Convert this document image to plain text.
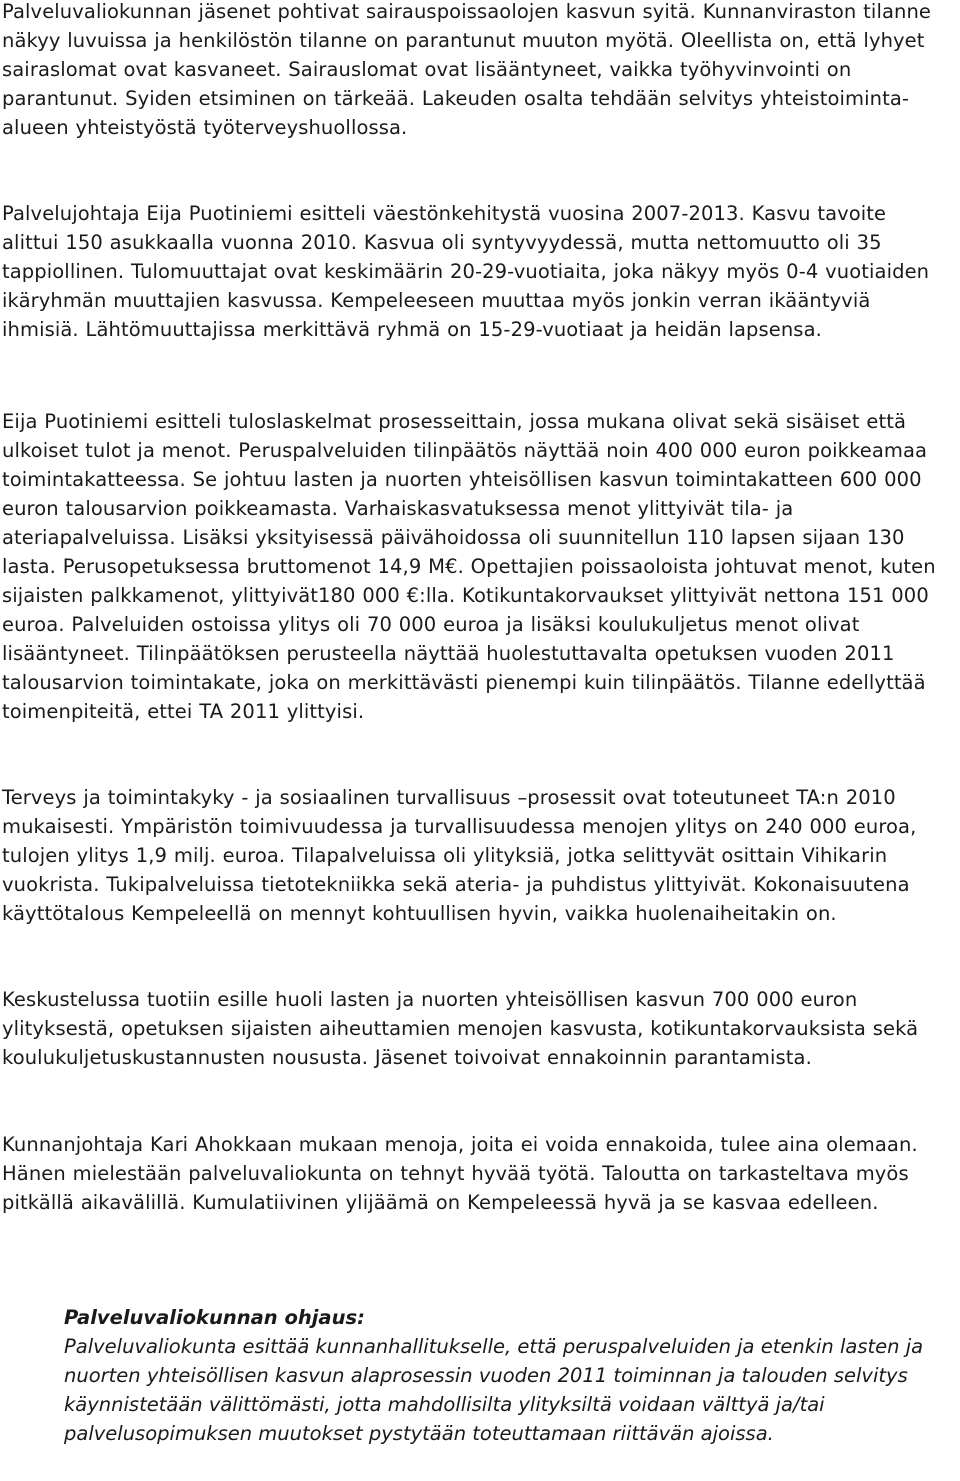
Palveluvaliokunnan jäsenet pohtivat sairauspoissaolojen kasvun syitä. Kunnanviraston tilanne näkyy luvuissa ja henkilöstön tilanne on parantunut muuton myötä. Oleellista on, että lyhyet sairaslomat ovat kasvaneet. Sairauslomat ovat lisääntyneet, vaikka työhyvinvointi on parantunut. Syiden etsiminen on tärkeää. Lakeuden osalta tehdään selvitys yhteistoiminta-alueen yhteistyöstä työterveyshuollossa.

Palvelujohtaja Eija Puotiniemi esitteli väestönkehitystä vuosina 2007-2013. Kasvu tavoite alittui 150 asukkaalla vuonna 2010. Kasvua oli syntyvyydessä, mutta nettomuutto oli 35 tappiollinen. Tulomuuttajat ovat keskimäärin 20-29-vuotiaita, joka näkyy myös 0-4 vuotiaiden ikäryhmän muuttajien kasvussa. Kempeleeseen muuttaa myös jonkin verran ikääntyviä ihmisiä. Lähtömuuttajissa merkittävä ryhmä on 15-29-vuotiaat ja heidän lapsensa.

Eija Puotiniemi esitteli tuloslaskelmat prosesseittain, jossa mukana olivat sekä sisäiset että ulkoiset tulot ja menot. Peruspalveluiden tilinpäätös näyttää noin 400 000 euron poikkeamaa toimintakatteessa. Se johtuu lasten ja nuorten yhteisöllisen kasvun toimintakatteen 600 000 euron talousarvion poikkeamasta. Varhaiskasvatuksessa menot ylittyivät tila- ja ateriapalveluissa. Lisäksi yksityisessä päivähoidossa oli suunnitellun 110 lapsen sijaan 130 lasta. Perusopetuksessa bruttomenot 14,9 M€. Opettajien poissaoloista johtuvat menot, kuten sijaisten palkkamenot, ylittyivät180 000 €:lla. Kotikuntakorvaukset ylittyivät nettona 151 000 euroa. Palveluiden ostoissa ylitys oli 70 000 euroa ja lisäksi koulukuljetus menot olivat lisääntyneet. Tilinpäätöksen perusteella näyttää huolestuttavalta opetuksen vuoden 2011 talousarvion toimintakate, joka on merkittävästi pienempi kuin tilinpäätös. Tilanne edellyttää toimenpiteitä, ettei TA 2011 ylittyisi.

Terveys ja toimintakyky - ja sosiaalinen turvallisuus –prosessit ovat toteutuneet TA:n 2010 mukaisesti. Ympäristön toimivuudessa ja turvallisuudessa menojen ylitys on 240 000 euroa, tulojen ylitys 1,9 milj. euroa. Tilapalveluissa oli ylityksiä, jotka selittyvät osittain Vihikarin vuokrista. Tukipalveluissa tietotekniikka sekä ateria- ja puhdistus ylittyivät. Kokonaisuutena käyttötalous Kempeleellä on mennyt kohtuullisen hyvin, vaikka huolenaiheitakin on.

Keskustelussa tuotiin esille huoli lasten ja nuorten yhteisöllisen kasvun 700 000 euron ylityksestä, opetuksen sijaisten aiheuttamien menojen kasvusta, kotikuntakorvauksista sekä koulukuljetuskustannusten noususta. Jäsenet toivoivat ennakoinnin parantamista.

Kunnanjohtaja Kari Ahokkaan mukaan menoja, joita ei voida ennakoida, tulee aina olemaan. Hänen mielestään palveluvaliokunta on tehnyt hyvää työtä. Taloutta on tarkasteltava myös pitkällä aikavälillä. Kumulatiivinen ylijäämä on Kempeleessä hyvä ja se kasvaa edelleen.

Palveluvaliokunnan ohjaus:
Palveluvaliokunta esittää kunnanhallitukselle, että peruspalveluiden ja etenkin lasten ja nuorten yhteisöllisen kasvun alaprosessin vuoden 2011 toiminnan ja talouden selvitys käynnistetään välittömästi, jotta mahdollisilta ylityksiltä voidaan välttyä ja/tai palvelusopimuksen muutokset pystytään toteuttamaan riittävän ajoissa.
